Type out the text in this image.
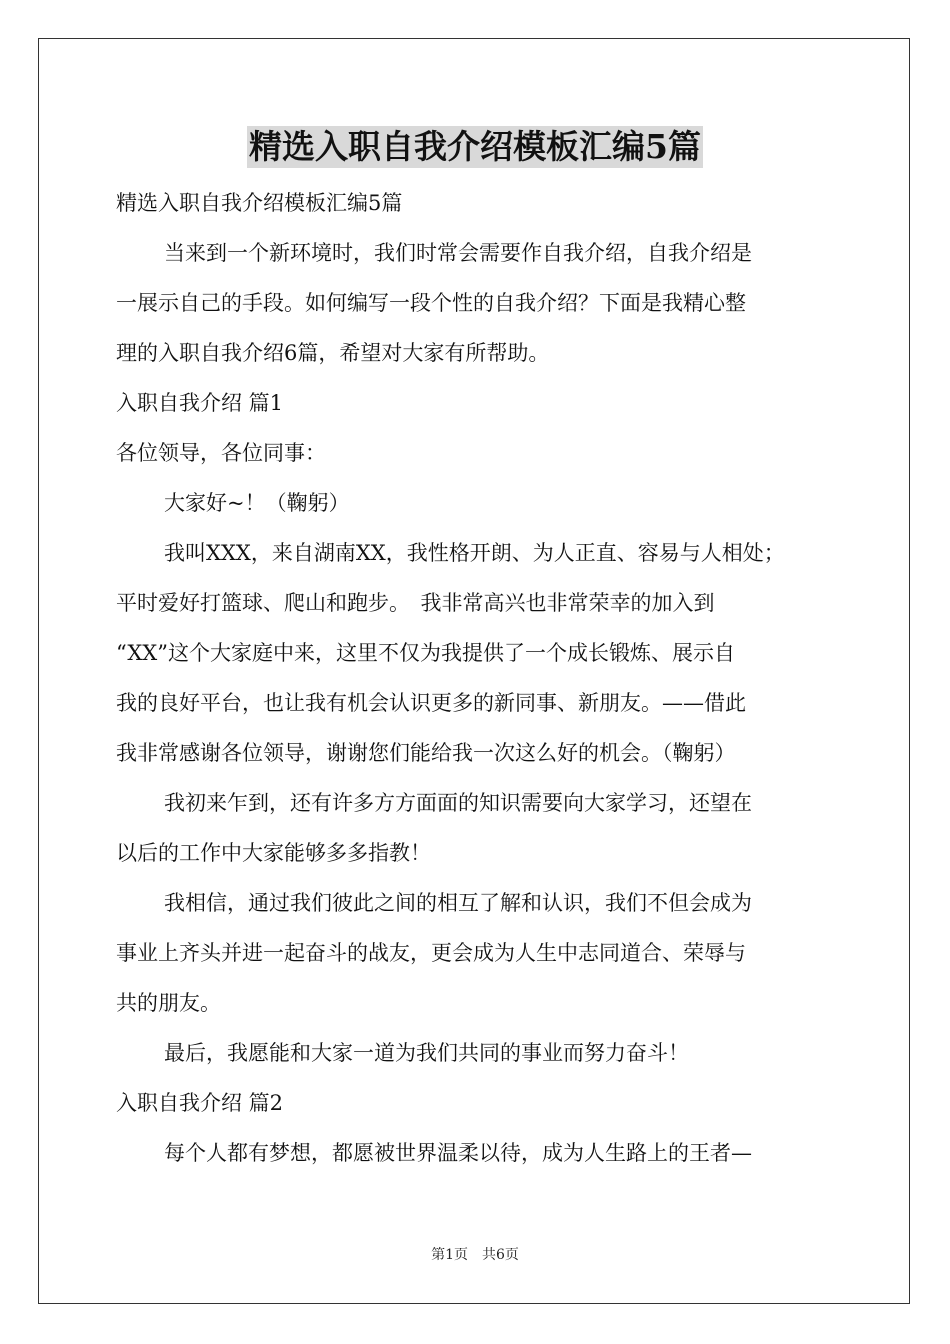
精选入职自我介绍模板汇编5篇

精选入职自我介绍模板汇编5篇

当来到一个新环境时，我们时常会需要作自我介绍，自我介绍是

一展示自己的手段。如何编写一段个性的自我介绍？下面是我精心整

理的入职自我介绍6篇，希望对大家有所帮助。

入职自我介绍 篇1

各位领导，各位同事：

大家好~！（鞠躬）

我叫XXX，来自湖南XX，我性格开朗、为人正直、容易与人相处；

平时爱好打篮球、爬山和跑步。　我非常高兴也非常荣幸的加入到

“XX”这个大家庭中来，这里不仅为我提供了一个成长锻炼、展示自

我的良好平台，也让我有机会认识更多的新同事、新朋友。——借此

我非常感谢各位领导，谢谢您们能给我一次这么好的机会。（鞠躬）

我初来乍到，还有许多方方面面的知识需要向大家学习，还望在

以后的工作中大家能够多多指教！

我相信，通过我们彼此之间的相互了解和认识，我们不但会成为

事业上齐头并进一起奋斗的战友，更会成为人生中志同道合、荣辱与

共的朋友。

最后，我愿能和大家一道为我们共同的事业而努力奋斗！

入职自我介绍 篇2

每个人都有梦想，都愿被世界温柔以待，成为人生路上的王者—

第1页　共6页
